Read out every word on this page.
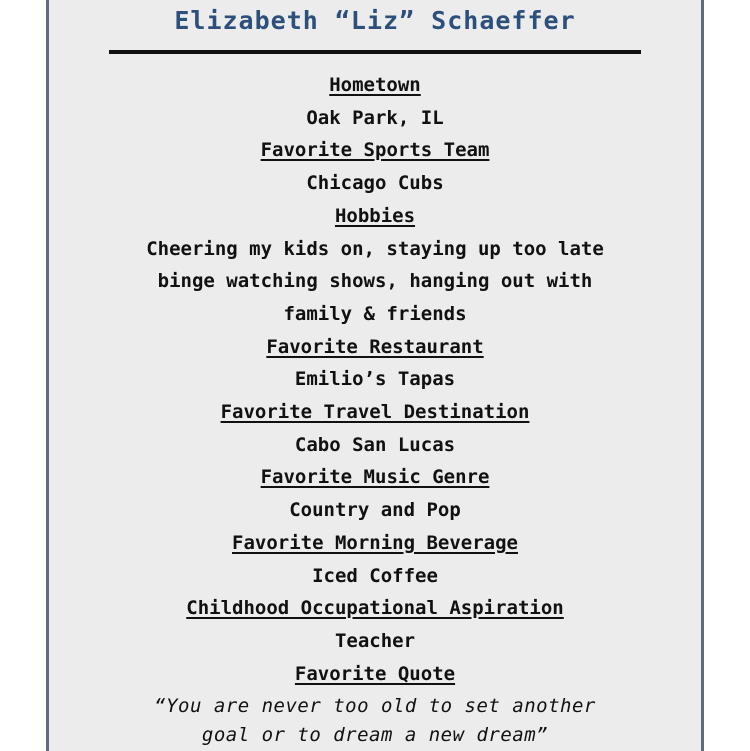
Elizabeth “Liz” Schaeffer
Hometown
Oak Park, IL
Favorite Sports Team
Chicago Cubs
Hobbies
Cheering my kids on, staying up too late
binge watching shows, hanging out with
family & friends
Favorite Restaurant
Emilio’s Tapas
Favorite Travel Destination
Cabo San Lucas
Favorite Music Genre
Country and Pop
Favorite Morning Beverage
Iced Coffee
Childhood Occupational Aspiration
Teacher
Favorite Quote
“You are never too old to set another
goal or to dream a new dream”
